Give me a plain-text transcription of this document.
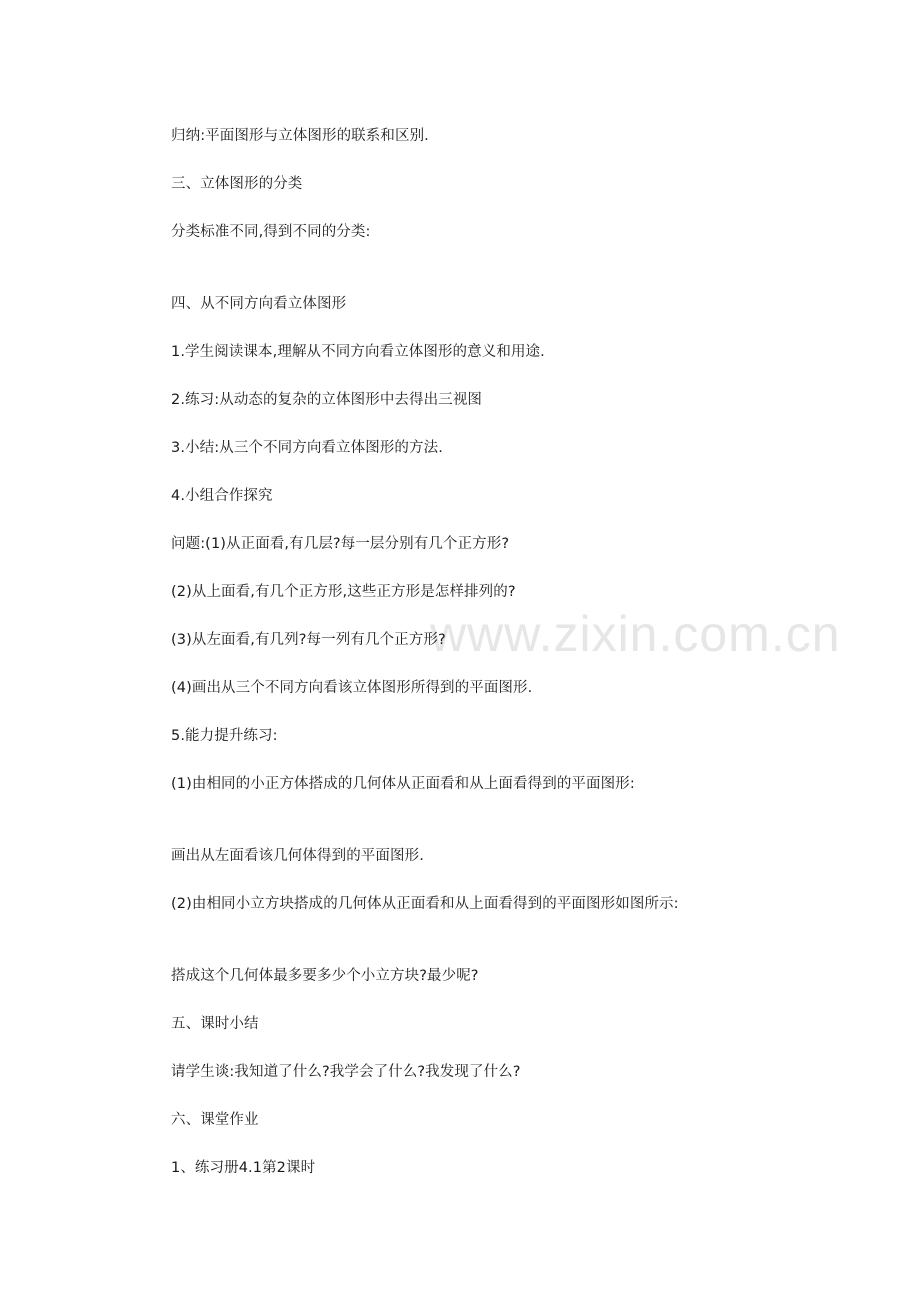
www.zixin.com.cn
归纳:平面图形与立体图形的联系和区别.
三、立体图形的分类
分类标准不同,得到不同的分类:
四、从不同方向看立体图形
1.学生阅读课本,理解从不同方向看立体图形的意义和用途.
2.练习:从动态的复杂的立体图形中去得出三视图
3.小结:从三个不同方向看立体图形的方法.
4.小组合作探究
问题:(1)从正面看,有几层?每一层分别有几个正方形?
(2)从上面看,有几个正方形,这些正方形是怎样排列的?
(3)从左面看,有几列?每一列有几个正方形?
(4)画出从三个不同方向看该立体图形所得到的平面图形.
5.能力提升练习:
(1)由相同的小正方体搭成的几何体从正面看和从上面看得到的平面图形:
画出从左面看该几何体得到的平面图形.
(2)由相同小立方块搭成的几何体从正面看和从上面看得到的平面图形如图所示:
搭成这个几何体最多要多少个小立方块?最少呢?
五、课时小结
请学生谈:我知道了什么?我学会了什么?我发现了什么?
六、课堂作业
1、练习册4.1第2课时
